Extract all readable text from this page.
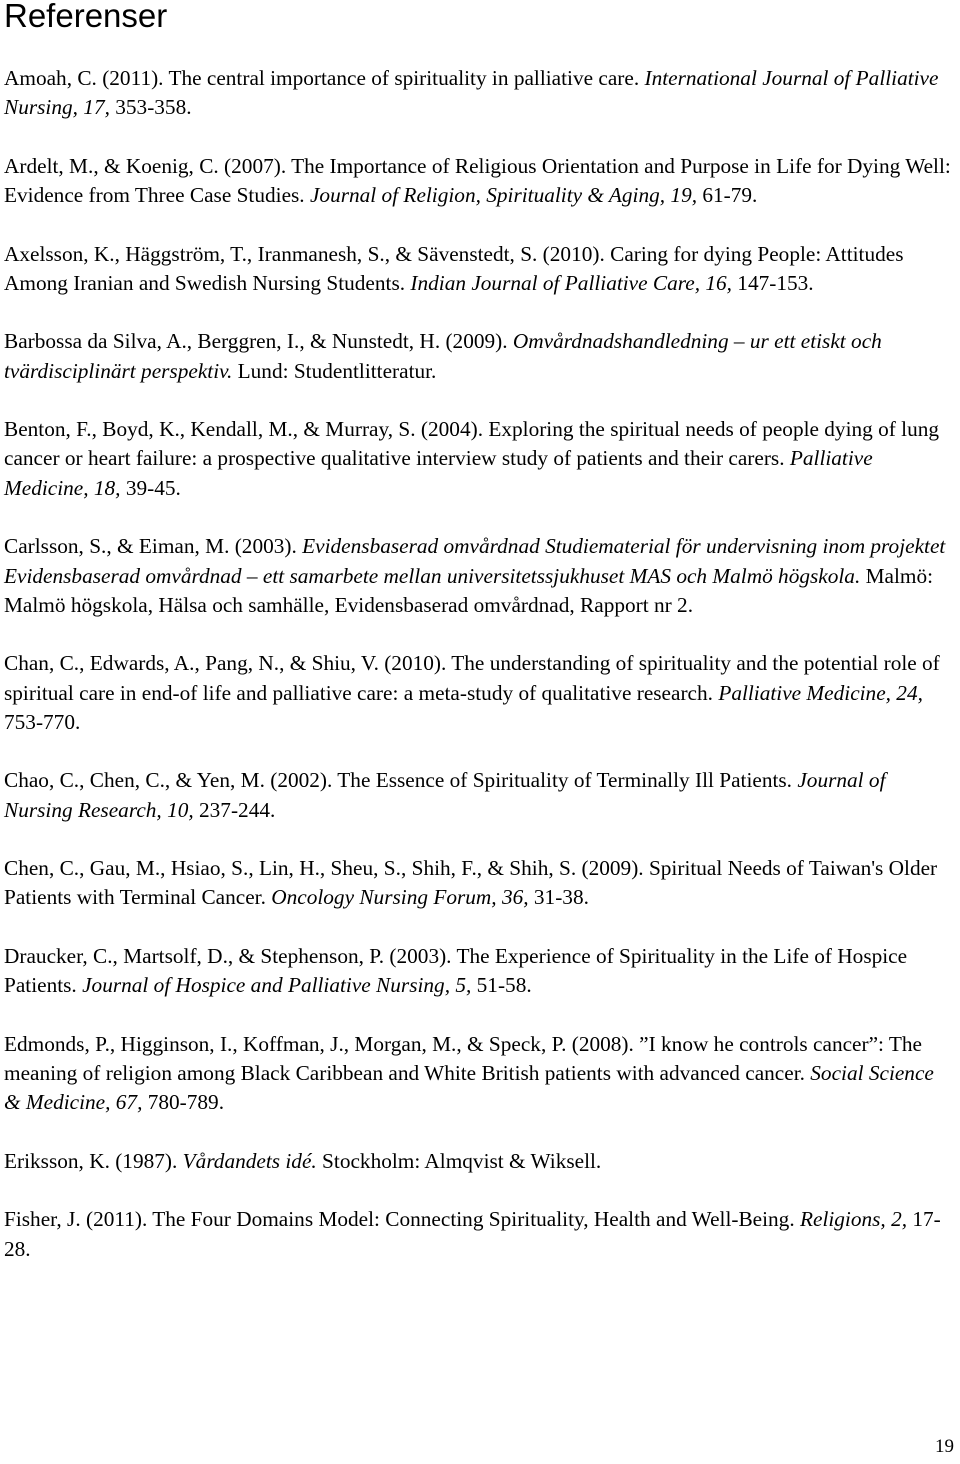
Referenser
Amoah, C. (2011). The central importance of spirituality in palliative care. International Journal of Palliative Nursing, 17, 353-358.
Ardelt, M., & Koenig, C. (2007). The Importance of Religious Orientation and Purpose in Life for Dying Well: Evidence from Three Case Studies. Journal of Religion, Spirituality & Aging, 19, 61-79.
Axelsson, K., Häggström, T., Iranmanesh, S., & Sävenstedt, S. (2010). Caring for dying People: Attitudes Among Iranian and Swedish Nursing Students. Indian Journal of Palliative Care, 16, 147-153.
Barbossa da Silva, A., Berggren, I., & Nunstedt, H. (2009). Omvårdnadshandledning – ur ett etiskt och tvärdisciplinärt perspektiv. Lund: Studentlitteratur.
Benton, F., Boyd, K., Kendall, M., & Murray, S. (2004). Exploring the spiritual needs of people dying of lung cancer or heart failure: a prospective qualitative interview study of patients and their carers. Palliative Medicine, 18, 39-45.
Carlsson, S., & Eiman, M. (2003). Evidensbaserad omvårdnad Studiematerial för undervisning inom projektet Evidensbaserad omvårdnad – ett samarbete mellan universitetssjukhuset MAS och Malmö högskola. Malmö: Malmö högskola, Hälsa och samhälle, Evidensbaserad omvårdnad, Rapport nr 2.
Chan, C., Edwards, A., Pang, N., & Shiu, V. (2010). The understanding of spirituality and the potential role of spiritual care in end-of life and palliative care: a meta-study of qualitative research. Palliative Medicine, 24, 753-770.
Chao, C., Chen, C., & Yen, M. (2002). The Essence of Spirituality of Terminally Ill Patients. Journal of Nursing Research, 10, 237-244.
Chen, C., Gau, M., Hsiao, S., Lin, H., Sheu, S., Shih, F., & Shih, S. (2009). Spiritual Needs of Taiwan's Older Patients with Terminal Cancer. Oncology Nursing Forum, 36, 31-38.
Draucker, C., Martsolf, D., & Stephenson, P. (2003). The Experience of Spirituality in the Life of Hospice Patients. Journal of Hospice and Palliative Nursing, 5, 51-58.
Edmonds, P., Higginson, I., Koffman, J., Morgan, M., & Speck, P. (2008). ”I know he controls cancer”: The meaning of religion among Black Caribbean and White British patients with advanced cancer. Social Science & Medicine, 67, 780-789.
Eriksson, K. (1987). Vårdandets idé. Stockholm: Almqvist & Wiksell.
Fisher, J. (2011). The Four Domains Model: Connecting Spirituality, Health and Well-Being. Religions, 2, 17-28.
19
